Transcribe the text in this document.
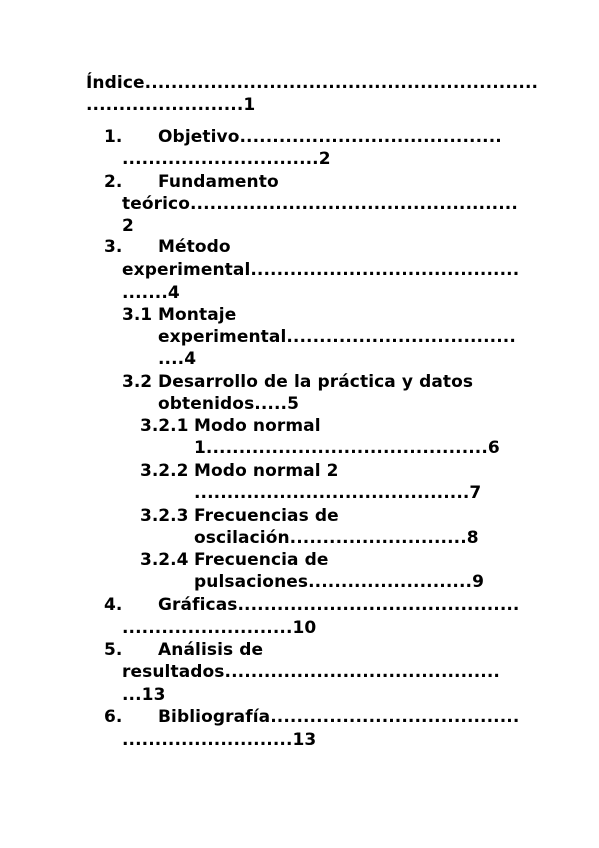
Índice............................................................
........................1
1. Objetivo........................................
..............................2
2. Fundamento
teórico..................................................
2
3. Método
experimental.........................................
.......4
3.1 Montaje
experimental...................................
....4
3.2 Desarrollo de la práctica y datos
obtenidos.....5
3.2.1 Modo normal
1...........................................6
3.2.2 Modo normal 2
..........................................7
3.2.3 Frecuencias de
oscilación...........................8
3.2.4 Frecuencia de
pulsaciones.........................9
4. Gráficas...........................................
..........................10
5. Análisis de
resultados..........................................
...13
6. Bibliografía......................................
..........................13
